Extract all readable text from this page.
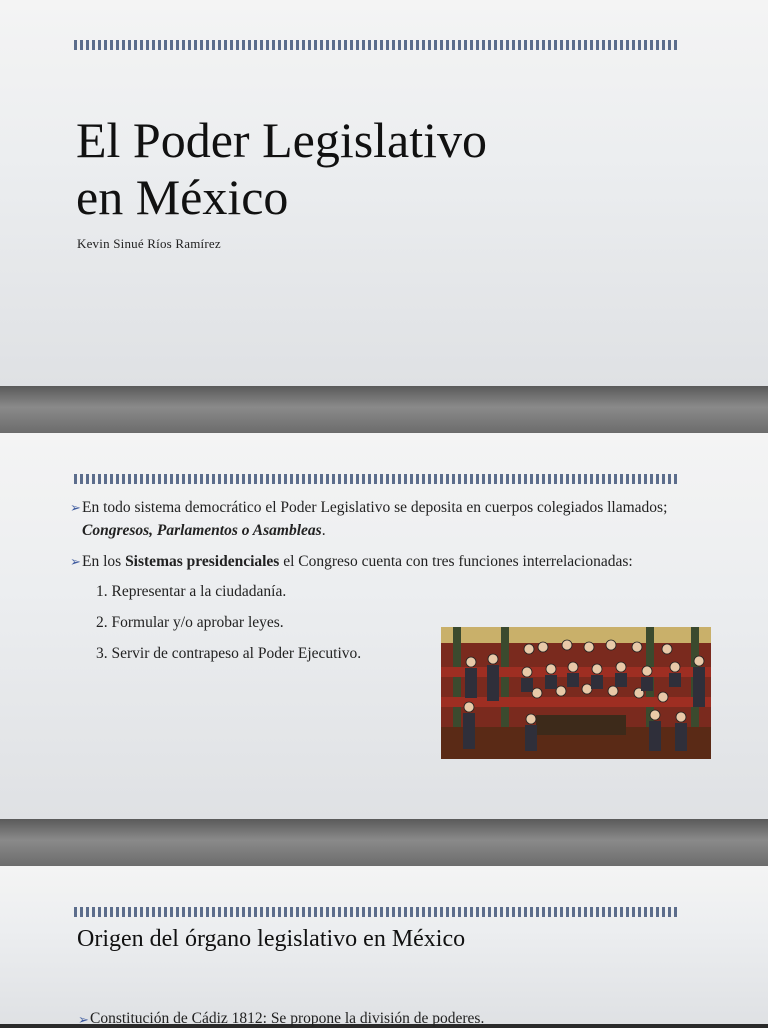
El Poder Legislativo
en México
Kevin Sinué Ríos Ramírez
➢ En todo sistema democrático el Poder Legislativo se deposita en cuerpos colegiados llamados; Congresos, Parlamentos o Asambleas.
➢ En los Sistemas presidenciales el Congreso cuenta con tres funciones interrelacionadas:
1. Representar a la ciudadanía.
2. Formular y/o aprobar leyes.
3. Servir de contrapeso al Poder Ejecutivo.
Origen del órgano legislativo en México

➢ Constitución de Cádiz 1812: Se propone la división de poderes.
